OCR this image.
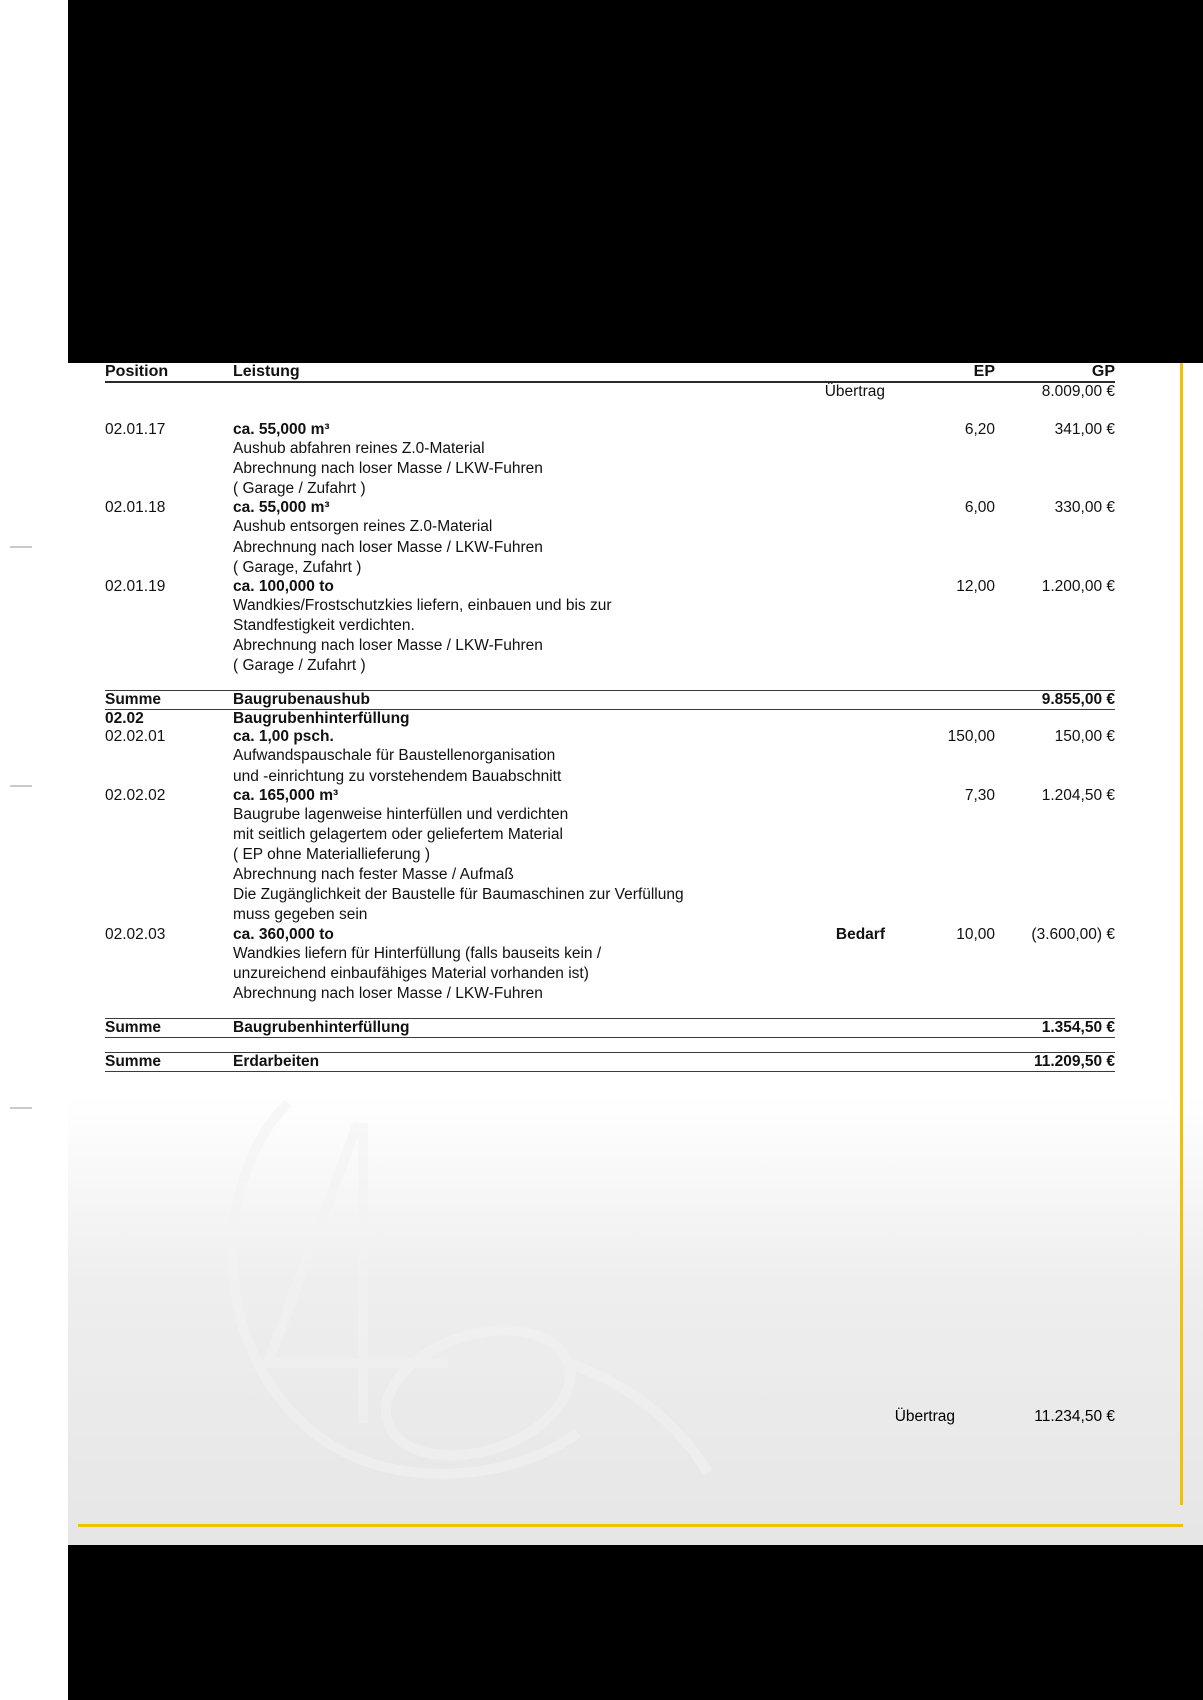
Position	Leistung		EP	GP
		Übertrag		8.009,00 €
02.01.17	ca. 55,000 m³
Aushub abfahren reines Z.0-Material
Abrechnung nach loser Masse / LKW-Fuhren
( Garage / Zufahrt )		6,20	341,00 €
02.01.18	ca. 55,000 m³
Aushub entsorgen reines Z.0-Material
Abrechnung nach loser Masse / LKW-Fuhren
( Garage, Zufahrt )		6,00	330,00 €
02.01.19	ca. 100,000 to
Wandkies/Frostschutzkies liefern, einbauen und bis zur
Standfestigkeit verdichten.
Abrechnung nach loser Masse / LKW-Fuhren
( Garage / Zufahrt )		12,00	1.200,00 €
Summe	Baugrubenaushub			9.855,00 €
02.02	Baugrubenhinterfüllung			
02.02.01	ca. 1,00 psch.
Aufwandspauschale für Baustellenorganisation
und -einrichtung zu vorstehendem Bauabschnitt		150,00	150,00 €
02.02.02	ca. 165,000 m³
Baugrube lagenweise hinterfüllen und verdichten
mit seitlich gelagertem oder geliefertem Material
( EP ohne Materiallieferung )
Abrechnung nach fester Masse / Aufmaß
Die Zugänglichkeit der Baustelle für Baumaschinen zur Verfüllung
muss gegeben sein
		7,30	1.204,50 €
02.02.03	ca. 360,000 to
Wandkies liefern für Hinterfüllung (falls bauseits kein /
unzureichend einbaufähiges Material vorhanden ist)
Abrechnung nach loser Masse / LKW-Fuhren	Bedarf	10,00	(3.600,00) €
Summe	Baugrubenhinterfüllung			1.354,50 €
Summe	Erdarbeiten			11.209,50 €
Übertrag	11.234,50 €
